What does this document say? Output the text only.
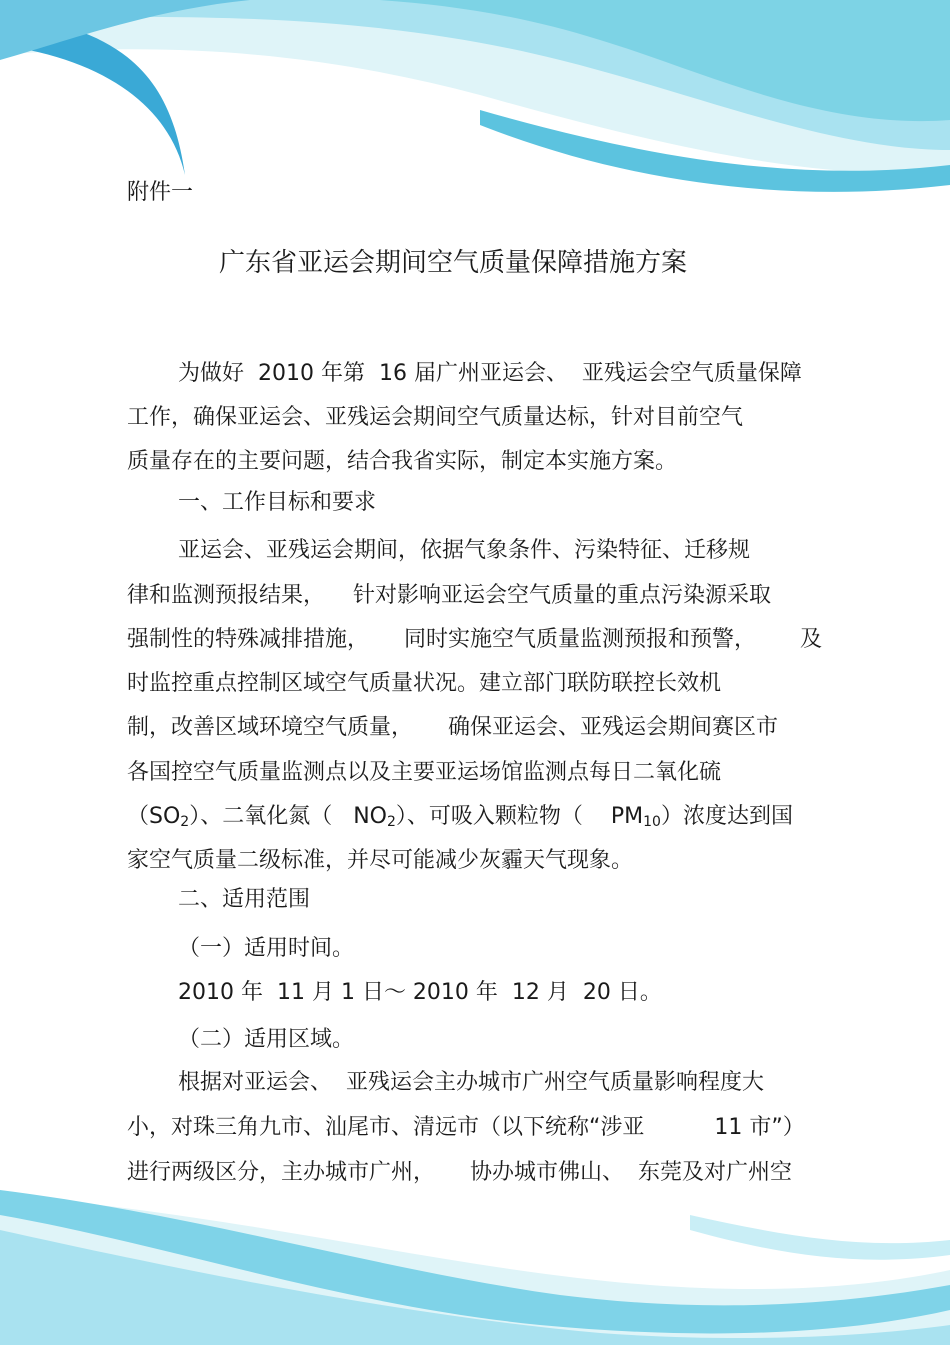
附件一
广东省亚运会期间空气质量保障措施方案
为做好  2010 年第  16 届广州亚运会、  亚残运会空气质量保障
工作，确保亚运会、亚残运会期间空气质量达标，针对目前空气
质量存在的主要问题，结合我省实际，制定本实施方案。
一、工作目标和要求
亚运会、亚残运会期间，依据气象条件、污染特征、迁移规
律和监测预报结果，    针对影响亚运会空气质量的重点污染源采取
强制性的特殊减排措施，     同时实施空气质量监测预报和预警， 及
时监控重点控制区域空气质量状况。建立部门联防联控长效机
制，改善区域环境空气质量，     确保亚运会、亚残运会期间赛区市
各国控空气质量监测点以及主要亚运场馆监测点每日二氧化硫
$(SO_2)$、二氧化氮（   $NO_2$）、可吸入颗粒物（    $PM_{10}$）浓度达到国
家空气质量二级标准，并尽可能减少灰霾天气现象。
二、适用范围
（一）适用时间。
2010 年  11 月 1 日～ 2010 年  12 月  20 日。
（二）适用区域。
根据对亚运会、  亚残运会主办城市广州空气质量影响程度大
小，对珠三角九市、汕尾市、清远市（以下统称“涉亚          11 市”）
进行两级区分，主办城市广州，     协办城市佛山、  东莞及对广州空
